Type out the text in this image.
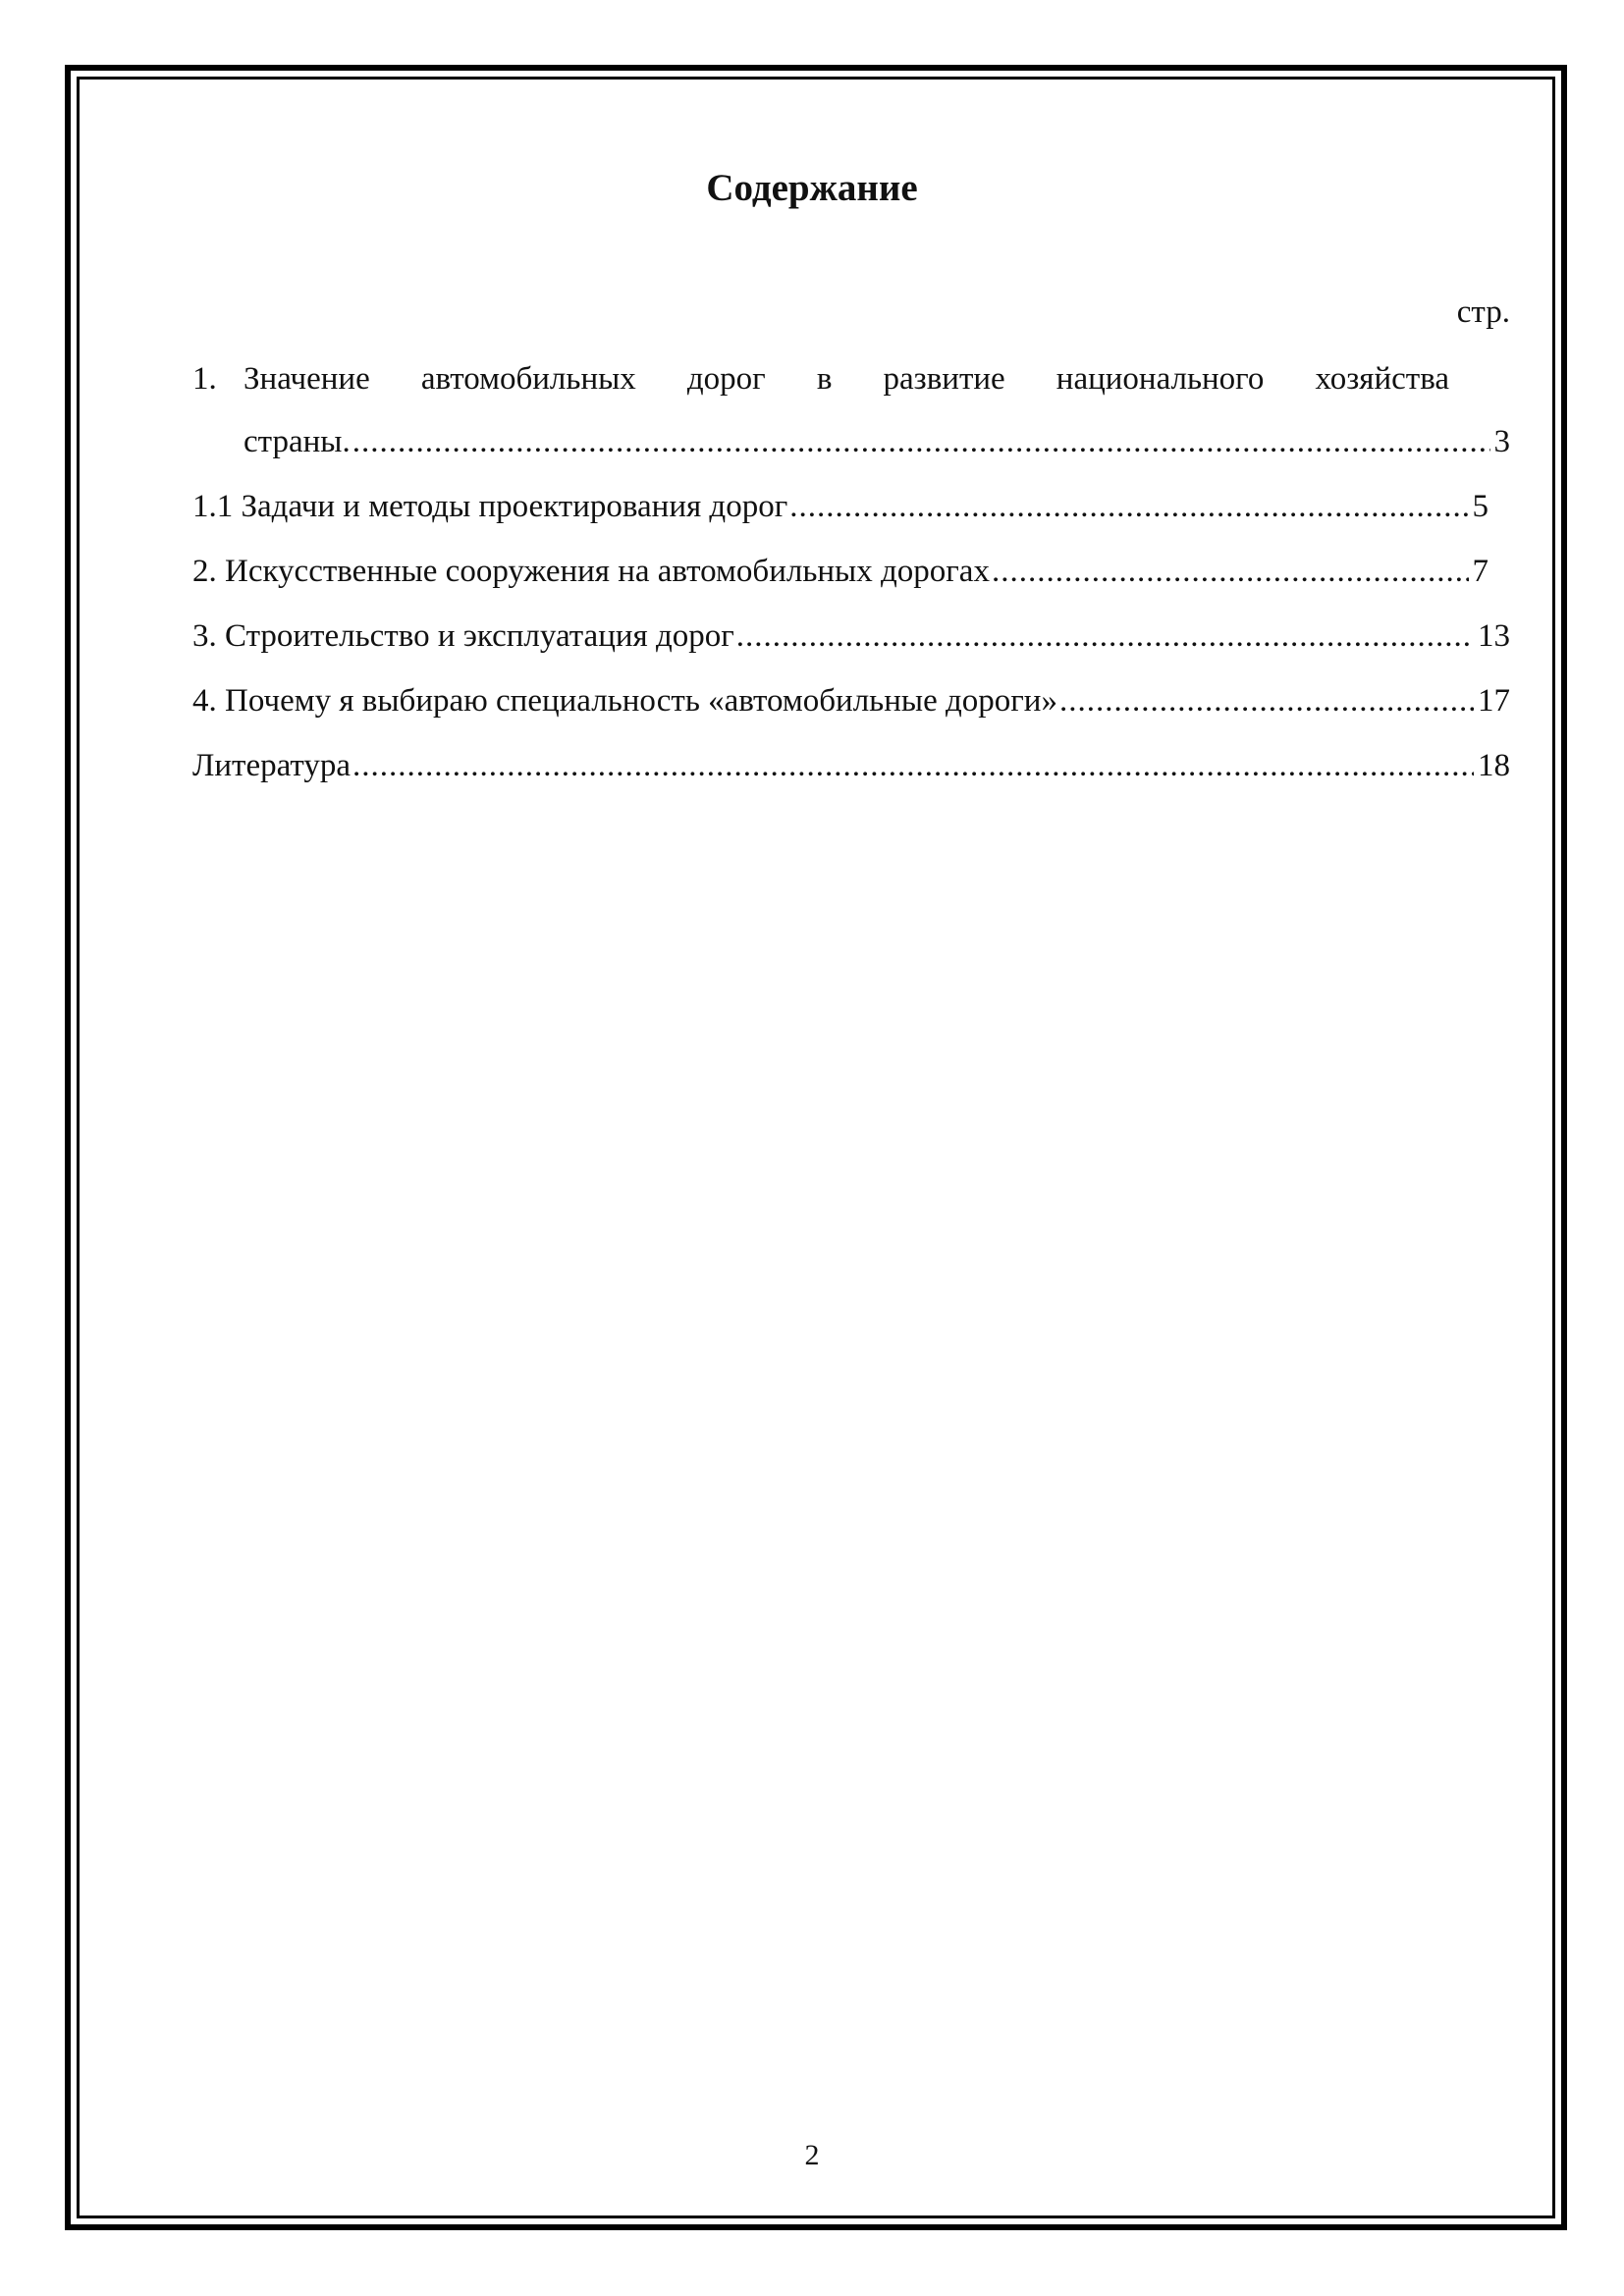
Содержание
стр.
1. Значение автомобильных дорог в развитие национального хозяйства
страны. .....	3
1.1 Задачи и методы проектирования дорог .....	5
2. Искусственные сооружения на автомобильных дорогах .....	7
3. Строительство и эксплуатация дорог .....	13
4. Почему я выбираю специальность «автомобильные дороги» .....	17
Литература .....	18
2
